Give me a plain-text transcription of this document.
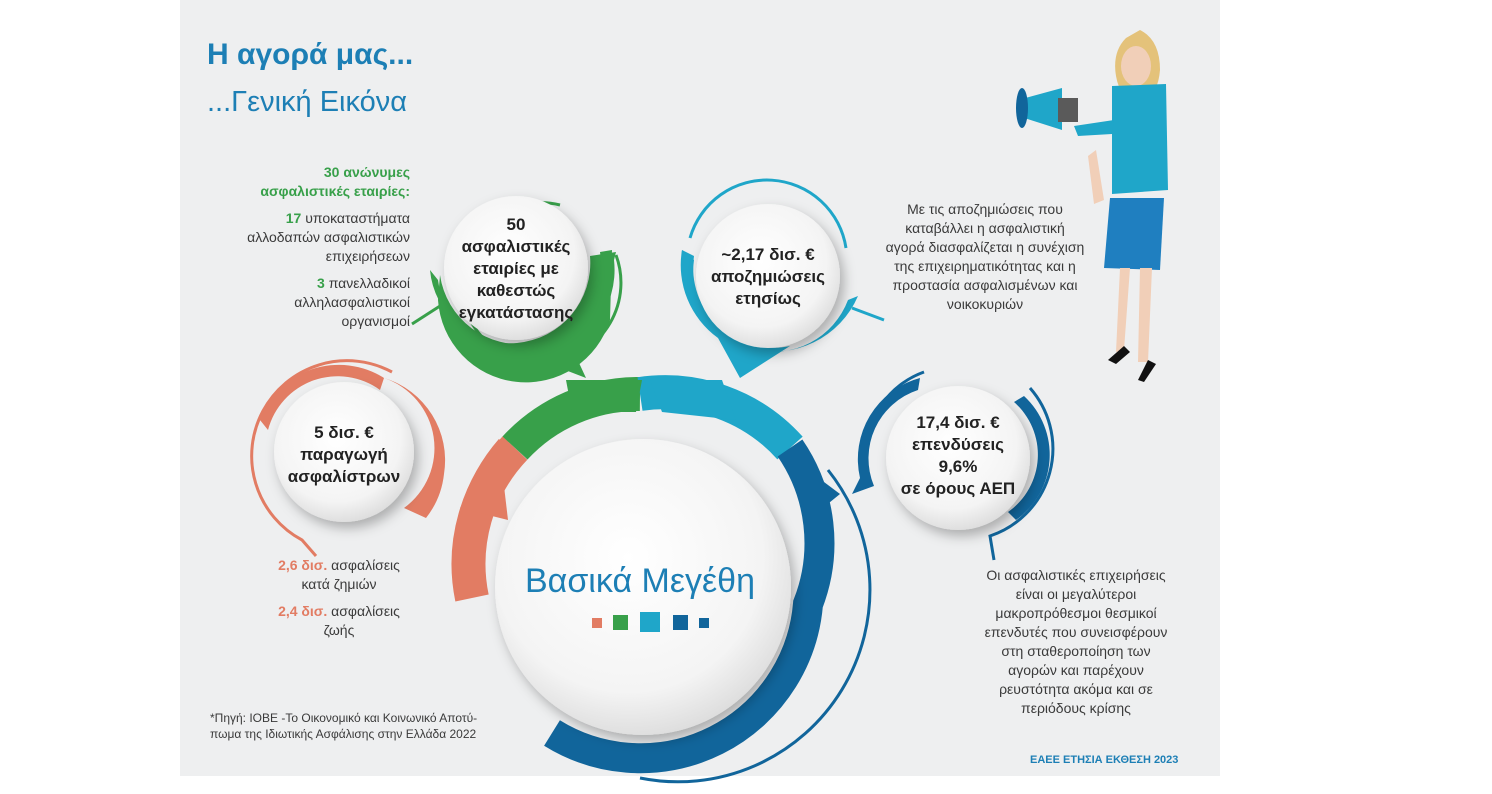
Η αγορά μας...
...Γενική Εικόνα
50
ασφαλιστικές
εταιρίες με
καθεστώς
εγκατάστασης
~2,17 δισ. €
αποζημιώσεις
ετησίως
5 δισ. €
παραγωγή
ασφαλίστρων
17,4 δισ. €
επενδύσεις
9,6%
σε όρους ΑΕΠ
Βασικά Μεγέθη
30 ανώνυμες
ασφαλιστικές εταιρίες:
17 υποκαταστήματα
αλλοδαπών ασφαλιστικών
επιχειρήσεων
3 πανελλαδικοί
αλληλασφαλιστικοί
οργανισμοί
Με τις αποζημιώσεις που
καταβάλλει η ασφαλιστική
αγορά διασφαλίζεται η συνέχιση
της επιχειρηματικότητας και η
προστασία ασφαλισμένων και
νοικοκυριών
2,6 δισ. ασφαλίσεις
κατά ζημιών
2,4 δισ. ασφαλίσεις
ζωής
Οι ασφαλιστικές επιχειρήσεις
είναι οι μεγαλύτεροι
μακροπρόθεσμοι θεσμικοί
επενδυτές που συνεισφέρουν
στη σταθεροποίηση των
αγορών και παρέχουν
ρευστότητα ακόμα και σε
περιόδους κρίσης
*Πηγή: ΙΟΒΕ -Το Οικονομικό και Κοινωνικό Αποτύ-
πωμα της Ιδιωτικής Ασφάλισης στην Ελλάδα 2022
ΕΑΕΕ ΕΤΗΣΙΑ ΕΚΘΕΣΗ 2023
